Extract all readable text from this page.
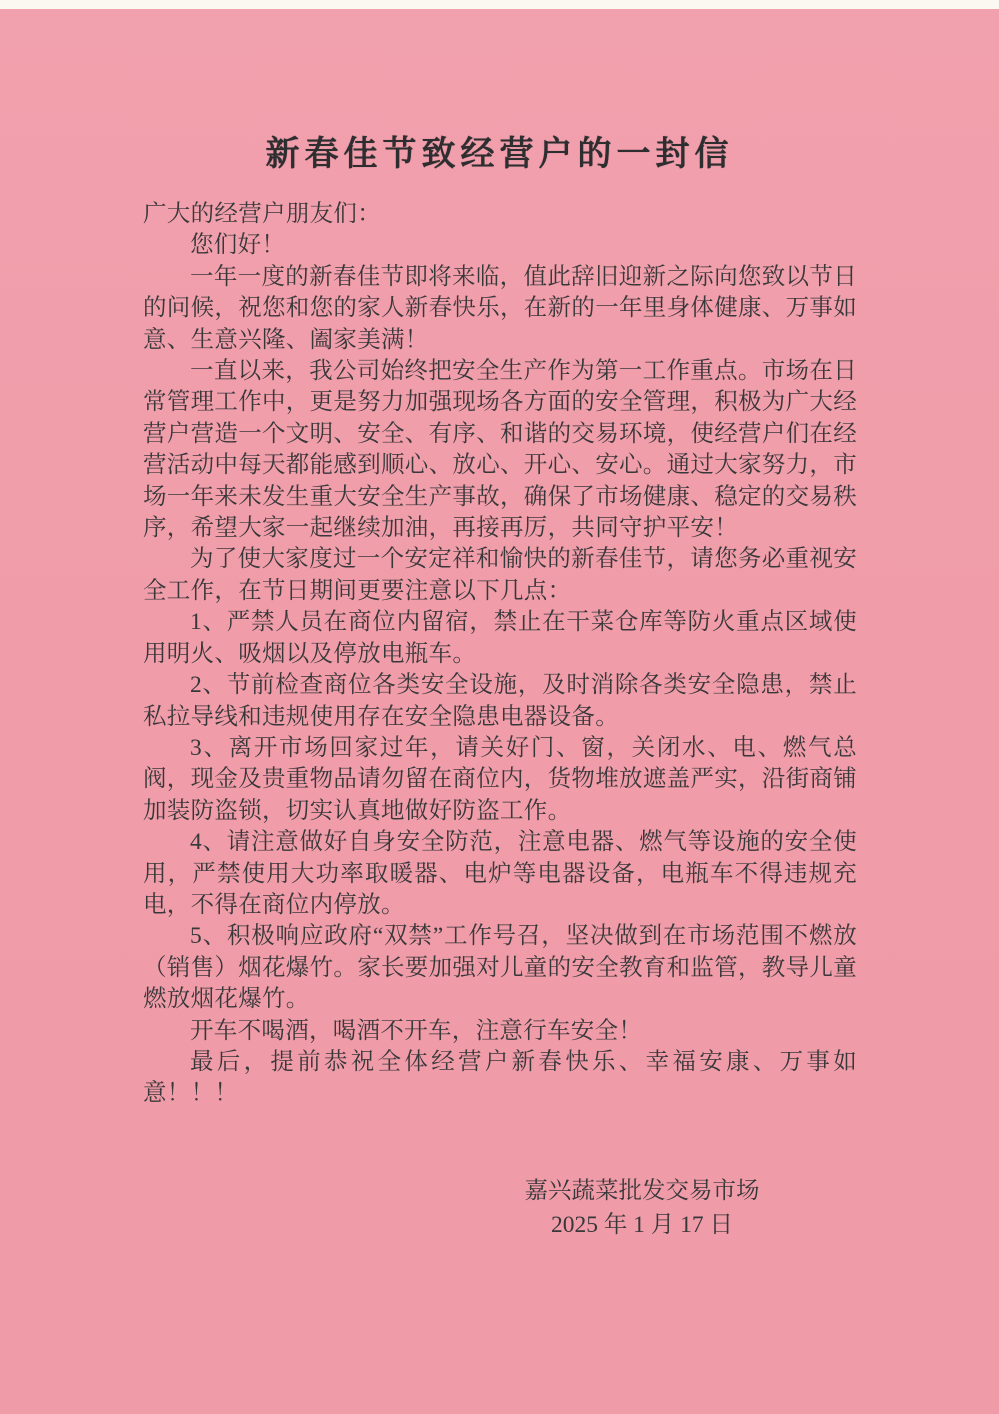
新春佳节致经营户的一封信

广大的经营户朋友们：

您们好！

一年一度的新春佳节即将来临，值此辞旧迎新之际向您致以节日的问候，祝您和您的家人新春快乐，在新的一年里身体健康、万事如意、生意兴隆、阖家美满！

一直以来，我公司始终把安全生产作为第一工作重点。市场在日常管理工作中，更是努力加强现场各方面的安全管理，积极为广大经营户营造一个文明、安全、有序、和谐的交易环境，使经营户们在经营活动中每天都能感到顺心、放心、开心、安心。通过大家努力，市场一年来未发生重大安全生产事故，确保了市场健康、稳定的交易秩序，希望大家一起继续加油，再接再厉，共同守护平安！

为了使大家度过一个安定祥和愉快的新春佳节，请您务必重视安全工作，在节日期间更要注意以下几点：

1、严禁人员在商位内留宿，禁止在干菜仓库等防火重点区域使用明火、吸烟以及停放电瓶车。

2、节前检查商位各类安全设施，及时消除各类安全隐患，禁止私拉导线和违规使用存在安全隐患电器设备。

3、离开市场回家过年，请关好门、窗，关闭水、电、燃气总阀，现金及贵重物品请勿留在商位内，货物堆放遮盖严实，沿街商铺加装防盗锁，切实认真地做好防盗工作。

4、请注意做好自身安全防范，注意电器、燃气等设施的安全使用，严禁使用大功率取暖器、电炉等电器设备，电瓶车不得违规充电，不得在商位内停放。

5、积极响应政府“双禁”工作号召，坚决做到在市场范围不燃放（销售）烟花爆竹。家长要加强对儿童的安全教育和监管，教导儿童燃放烟花爆竹。

开车不喝酒，喝酒不开车，注意行车安全！

最后，提前恭祝全体经营户新春快乐、幸福安康、万事如意！！！

嘉兴蔬菜批发交易市场
2025 年 1 月 17 日
